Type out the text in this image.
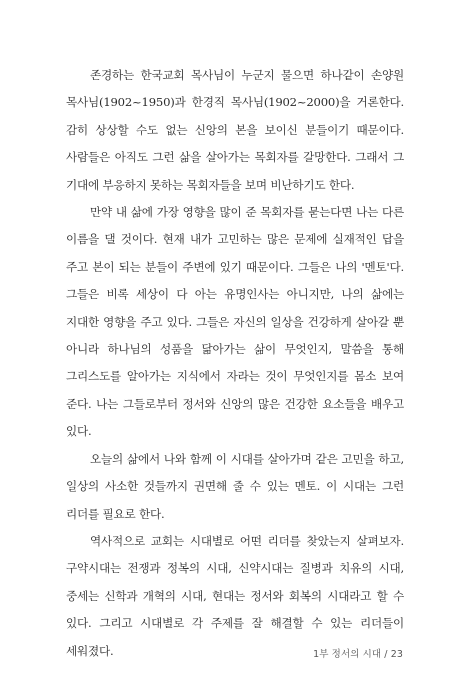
존경하는 한국교회 목사님이 누군지 물으면 하나같이 손양원 목사님(1902~1950)과 한경직 목사님(1902~2000)을 거론한다. 감히 상상할 수도 없는 신앙의 본을 보이신 분들이기 때문이다. 사람들은 아직도 그런 삶을 살아가는 목회자를 갈망한다. 그래서 그 기대에 부응하지 못하는 목회자들을 보며 비난하기도 한다.

만약 내 삶에 가장 영향을 많이 준 목회자를 묻는다면 나는 다른 이름을 댈 것이다. 현재 내가 고민하는 많은 문제에 실재적인 답을 주고 본이 되는 분들이 주변에 있기 때문이다. 그들은 나의 '멘토'다. 그들은 비록 세상이 다 아는 유명인사는 아니지만, 나의 삶에는 지대한 영향을 주고 있다. 그들은 자신의 일상을 건강하게 살아갈 뿐 아니라 하나님의 성품을 닮아가는 삶이 무엇인지, 말씀을 통해 그리스도를 알아가는 지식에서 자라는 것이 무엇인지를 몸소 보여 준다. 나는 그들로부터 정서와 신앙의 많은 건강한 요소들을 배우고 있다.

오늘의 삶에서 나와 함께 이 시대를 살아가며 같은 고민을 하고, 일상의 사소한 것들까지 권면해 줄 수 있는 멘토. 이 시대는 그런 리더를 필요로 한다.

역사적으로 교회는 시대별로 어떤 리더를 찾았는지 살펴보자. 구약시대는 전쟁과 정복의 시대, 신약시대는 질병과 치유의 시대, 중세는 신학과 개혁의 시대, 현대는 정서와 회복의 시대라고 할 수 있다. 그리고 시대별로 각 주제를 잘 해결할 수 있는 리더들이 세워졌다.	1부 정서의 시대 / 23
